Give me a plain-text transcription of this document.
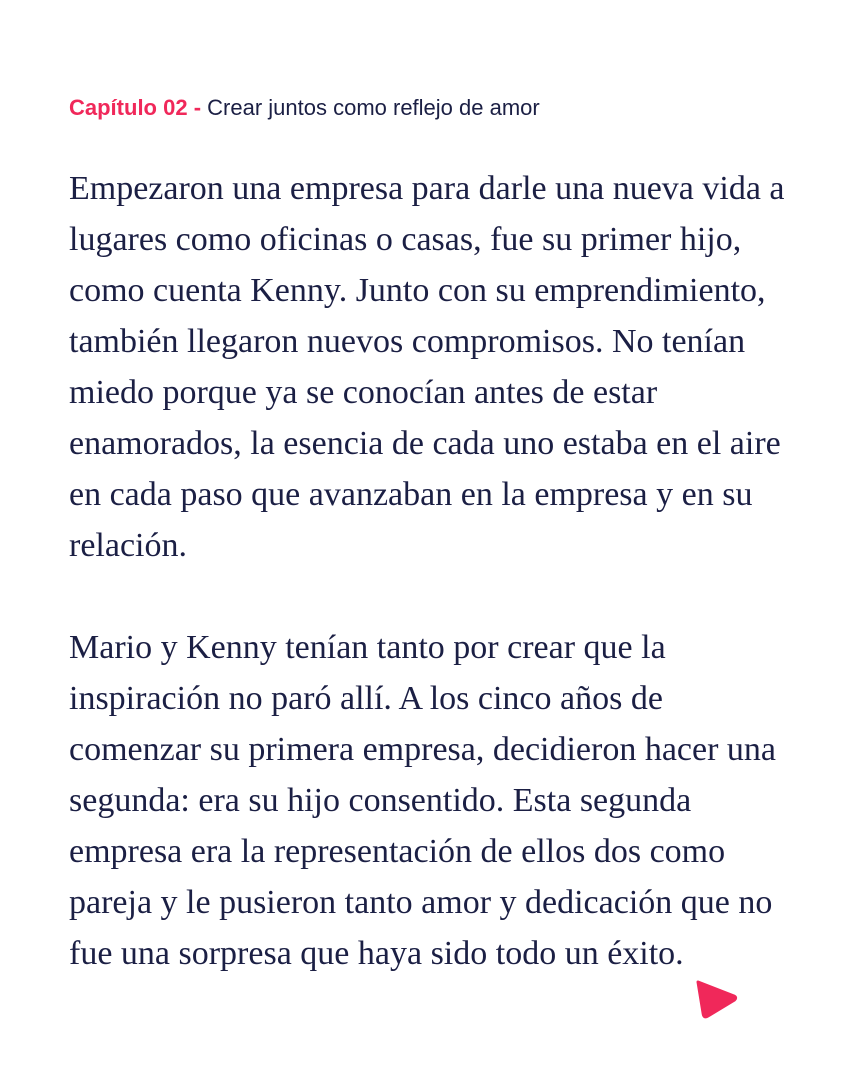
Capítulo 02 - Crear juntos como reflejo de amor

Empezaron una empresa para darle una nueva vida a lugares como oficinas o casas, fue su primer hijo, como cuenta Kenny. Junto con su emprendimiento, también llegaron nuevos compromisos. No tenían miedo porque ya se conocían antes de estar enamorados, la esencia de cada uno estaba en el aire en cada paso que avanzaban en la empresa y en su relación.

Mario y Kenny tenían tanto por crear que la inspiración no paró allí. A los cinco años de comenzar su primera empresa, decidieron hacer una segunda: era su hijo consentido. Esta segunda empresa era la representación de ellos dos como pareja y le pusieron tanto amor y dedicación que no fue una sorpresa que haya sido todo un éxito.
